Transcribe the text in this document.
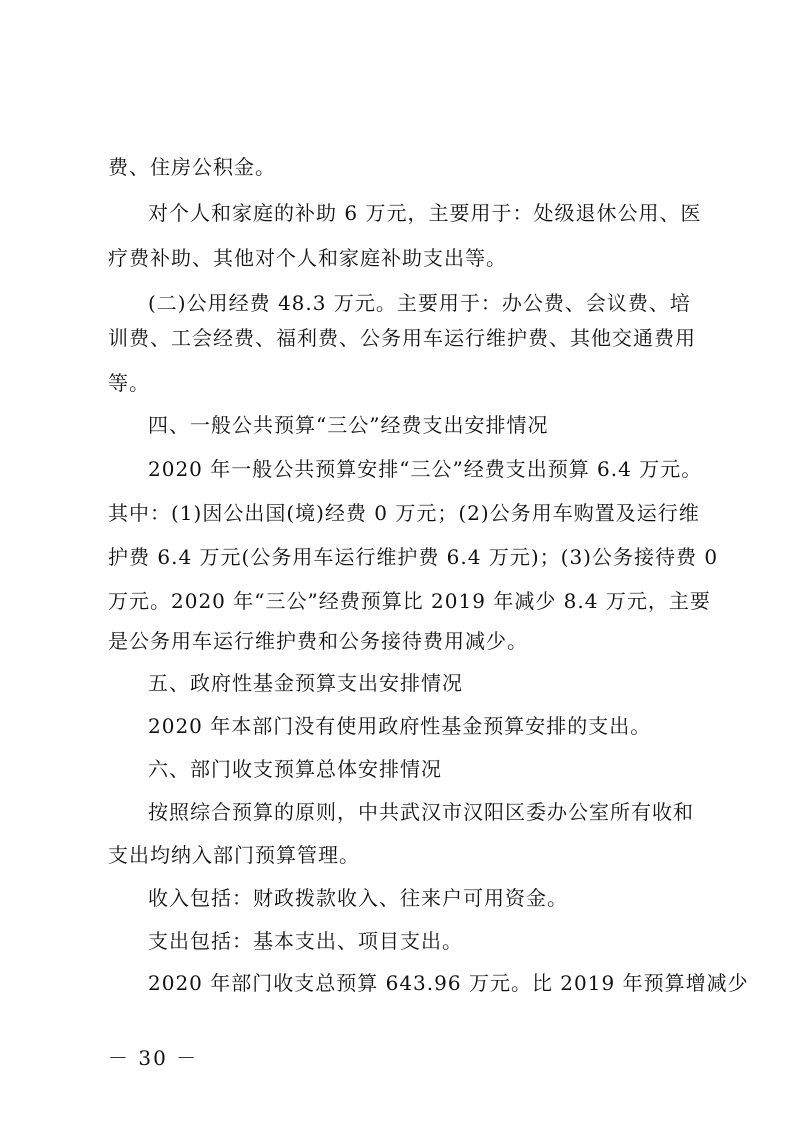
费、住房公积金。
对个人和家庭的补助 6 万元，主要用于：处级退休公用、医
疗费补助、其他对个人和家庭补助支出等。
(二)公用经费 48.3 万元。主要用于：办公费、会议费、培
训费、工会经费、福利费、公务用车运行维护费、其他交通费用
等。
四、一般公共预算“三公”经费支出安排情况
2020 年一般公共预算安排“三公”经费支出预算 6.4 万元。
其中：(1)因公出国(境)经费 0 万元；(2)公务用车购置及运行维
护费 6.4 万元(公务用车运行维护费 6.4 万元)；(3)公务接待费 0
万元。2020 年“三公”经费预算比 2019 年减少 8.4 万元，主要
是公务用车运行维护费和公务接待费用减少。
五、政府性基金预算支出安排情况
2020 年本部门没有使用政府性基金预算安排的支出。
六、部门收支预算总体安排情况
按照综合预算的原则，中共武汉市汉阳区委办公室所有收和
支出均纳入部门预算管理。
收入包括：财政拨款收入、往来户可用资金。
支出包括：基本支出、项目支出。
2020 年部门收支总预算 643.96 万元。比 2019 年预算增减少
－ 30 －
